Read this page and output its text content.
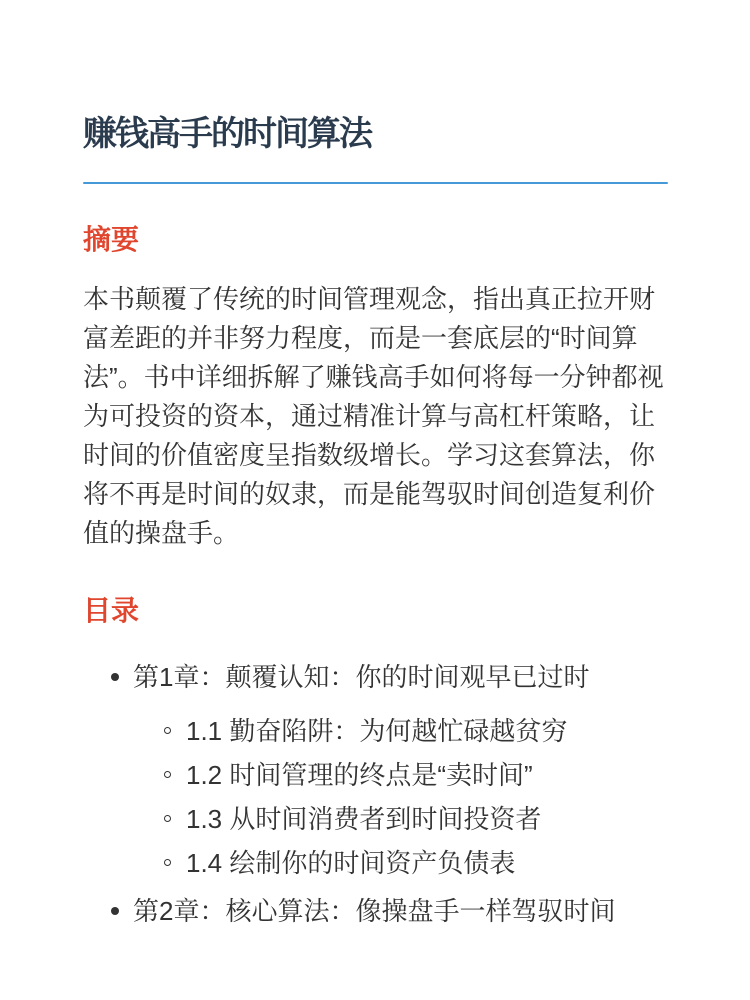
赚钱高手的时间算法
摘要

本书颠覆了传统的时间管理观念，指出真正拉开财富差距的并非努力程度，而是一套底层的“时间算法”。书中详细拆解了赚钱高手如何将每一分钟都视为可投资的资本，通过精准计算与高杠杆策略，让时间的价值密度呈指数级增长。学习这套算法，你将不再是时间的奴隶，而是能驾驭时间创造复利价值的操盘手。

目录
第1章：颠覆认知：你的时间观早已过时
1.1 勤奋陷阱：为何越忙碌越贫穷
1.2 时间管理的终点是“卖时间”
1.3 从时间消费者到时间投资者
1.4 绘制你的时间资产负债表
第2章：核心算法：像操盘手一样驾驭时间
